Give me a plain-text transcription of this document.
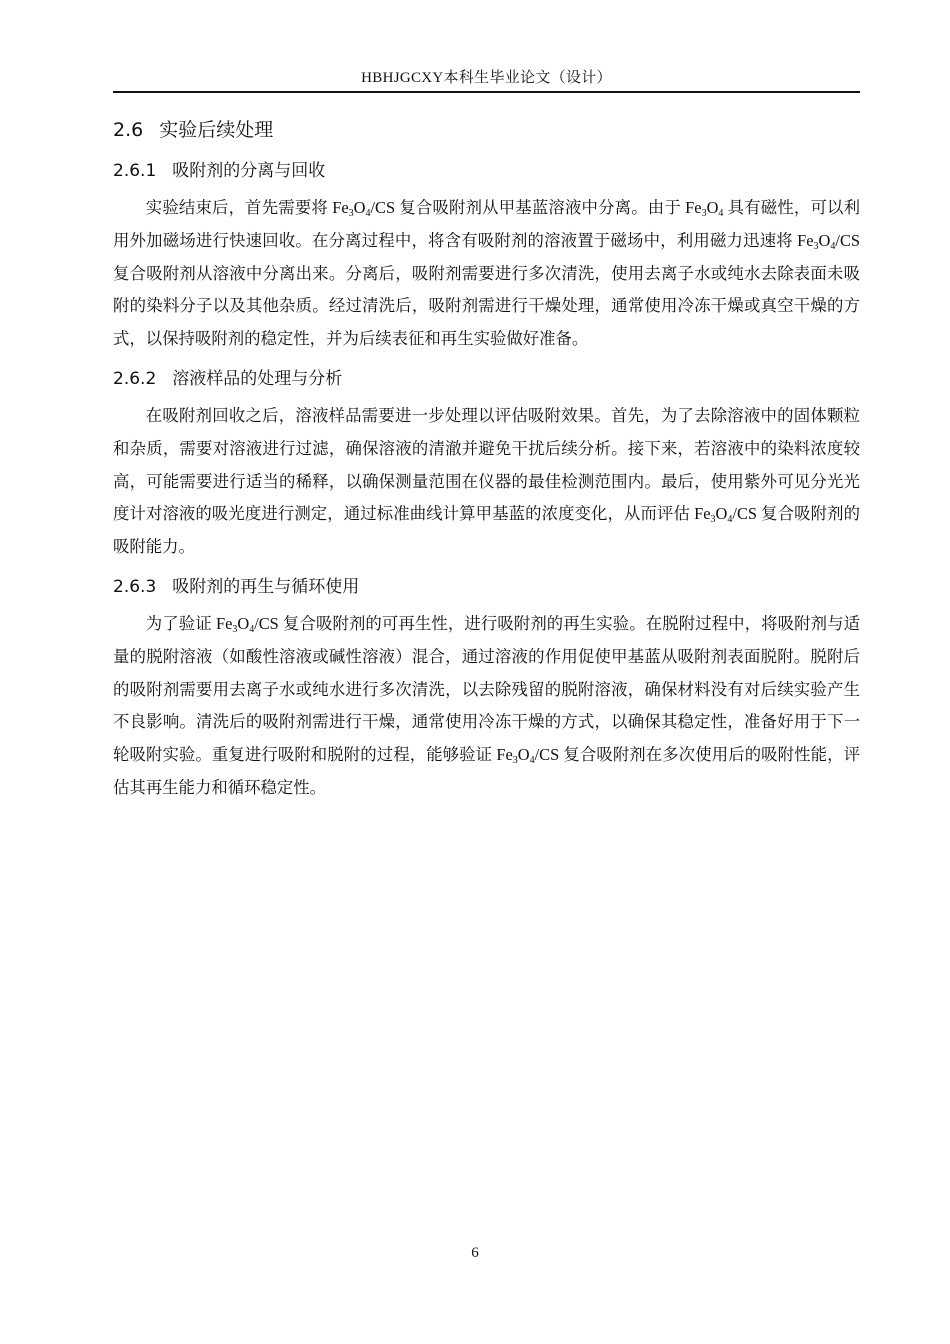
HBHJGCXY本科生毕业论文（设计）
2.6 实验后续处理
2.6.1 吸附剂的分离与回收

实验结束后，首先需要将 $Fe_3O_4/CS$ 复合吸附剂从甲基蓝溶液中分离。由于 $Fe_3O_4$ 具有磁性，可以利用外加磁场进行快速回收。在分离过程中，将含有吸附剂的溶液置于磁场中，利用磁力迅速将 $Fe_3O_4/CS$ 复合吸附剂从溶液中分离出来。分离后，吸附剂需要进行多次清洗，使用去离子水或纯水去除表面未吸附的染料分子以及其他杂质。经过清洗后，吸附剂需进行干燥处理，通常使用冷冻干燥或真空干燥的方式，以保持吸附剂的稳定性，并为后续表征和再生实验做好准备。

2.6.2 溶液样品的处理与分析

在吸附剂回收之后，溶液样品需要进一步处理以评估吸附效果。首先，为了去除溶液中的固体颗粒和杂质，需要对溶液进行过滤，确保溶液的清澈并避免干扰后续分析。接下来，若溶液中的染料浓度较高，可能需要进行适当的稀释，以确保测量范围在仪器的最佳检测范围内。最后，使用紫外可见分光光度计对溶液的吸光度进行测定，通过标准曲线计算甲基蓝的浓度变化，从而评估 $Fe_3O_4/CS$ 复合吸附剂的吸附能力。

2.6.3 吸附剂的再生与循环使用

为了验证 $Fe_3O_4/CS$ 复合吸附剂的可再生性，进行吸附剂的再生实验。在脱附过程中，将吸附剂与适量的脱附溶液（如酸性溶液或碱性溶液）混合，通过溶液的作用促使甲基蓝从吸附剂表面脱附。脱附后的吸附剂需要用去离子水或纯水进行多次清洗，以去除残留的脱附溶液，确保材料没有对后续实验产生不良影响。清洗后的吸附剂需进行干燥，通常使用冷冻干燥的方式，以确保其稳定性，准备好用于下一轮吸附实验。重复进行吸附和脱附的过程，能够验证 $Fe_3O_4/CS$ 复合吸附剂在多次使用后的吸附性能，评估其再生能力和循环稳定性。

6
